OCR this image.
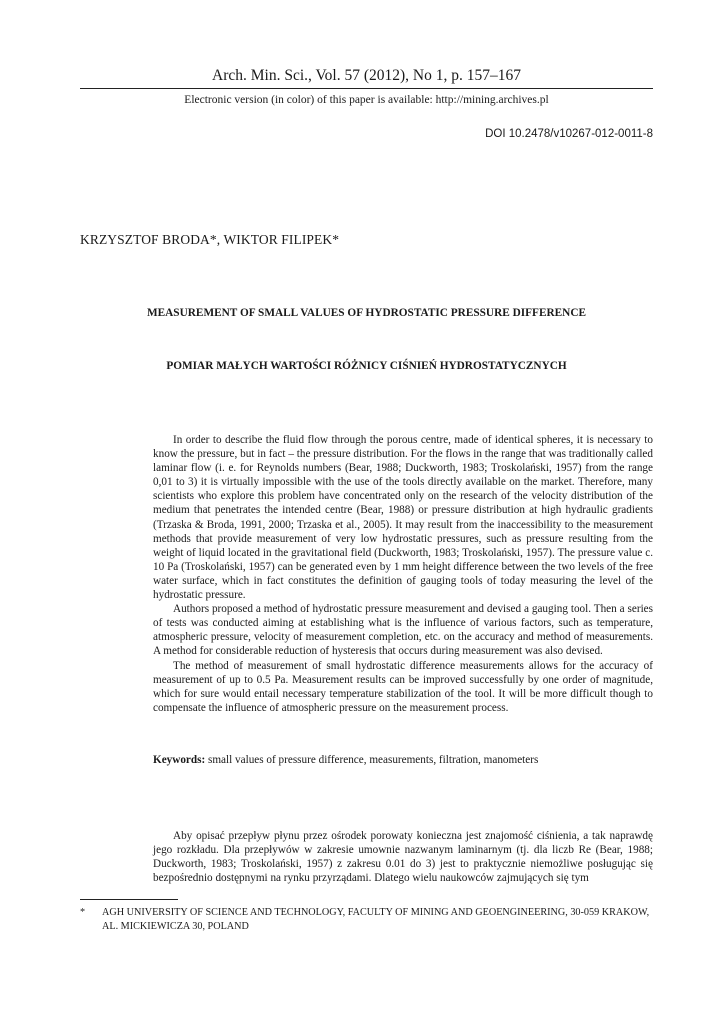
Arch. Min. Sci., Vol. 57 (2012), No 1, p. 157–167
Electronic version (in color) of this paper is available: http://mining.archives.pl
DOI 10.2478/v10267-012-0011-8
KRZYSZTOF BRODA*, WIKTOR FILIPEK*
MEASUREMENT OF SMALL VALUES OF HYDROSTATIC PRESSURE DIFFERENCE
POMIAR MAŁYCH WARTOŚCI RÓŻNICY CIŚNIEŃ HYDROSTATYCZNYCH

In order to describe the fluid flow through the porous centre, made of identical spheres, it is necessary to know the pressure, but in fact – the pressure distribution. For the flows in the range that was traditionally called laminar flow (i. e. for Reynolds numbers (Bear, 1988; Duckworth, 1983; Troskolański, 1957) from the range 0,01 to 3) it is virtually impossible with the use of the tools directly available on the market. Therefore, many scientists who explore this problem have concentrated only on the research of the velocity distribution of the medium that penetrates the intended centre (Bear, 1988) or pressure distribution at high hydraulic gradients (Trzaska & Broda, 1991, 2000; Trzaska et al., 2005). It may result from the inaccessibility to the measurement methods that provide measurement of very low hydrostatic pressures, such as pressure resulting from the weight of liquid located in the gravitational field (Duckworth, 1983; Troskolański, 1957). The pressure value c. 10 Pa (Troskolański, 1957) can be generated even by 1 mm height difference between the two levels of the free water surface, which in fact constitutes the definition of gauging tools of today measuring the level of the hydrostatic pressure.

Authors proposed a method of hydrostatic pressure measurement and devised a gauging tool. Then a series of tests was conducted aiming at establishing what is the influence of various factors, such as temperature, atmospheric pressure, velocity of measurement completion, etc. on the accuracy and method of measurements. A method for considerable reduction of hysteresis that occurs during measurement was also devised.

The method of measurement of small hydrostatic difference measurements allows for the accuracy of measurement of up to 0.5 Pa. Measurement results can be improved successfully by one order of magnitude, which for sure would entail necessary temperature stabilization of the tool. It will be more difficult though to compensate the influence of atmospheric pressure on the measurement process.

Keywords: small values of pressure difference, measurements, filtration, manometers

Aby opisać przepływ płynu przez ośrodek porowaty konieczna jest znajomość ciśnienia, a tak naprawdę jego rozkładu. Dla przepływów w zakresie umownie nazwanym laminarnym (tj. dla liczb Re (Bear, 1988; Duckworth, 1983; Troskolański, 1957) z zakresu 0.01 do 3) jest to praktycznie niemożliwe posługując się bezpośrednio dostępnymi na rynku przyrządami. Dlatego wielu naukowców zajmujących się tym

* AGH UNIVERSITY OF SCIENCE AND TECHNOLOGY, FACULTY OF MINING AND GEOENGINEERING, 30-059 KRAKOW, AL. MICKIEWICZA 30, POLAND
